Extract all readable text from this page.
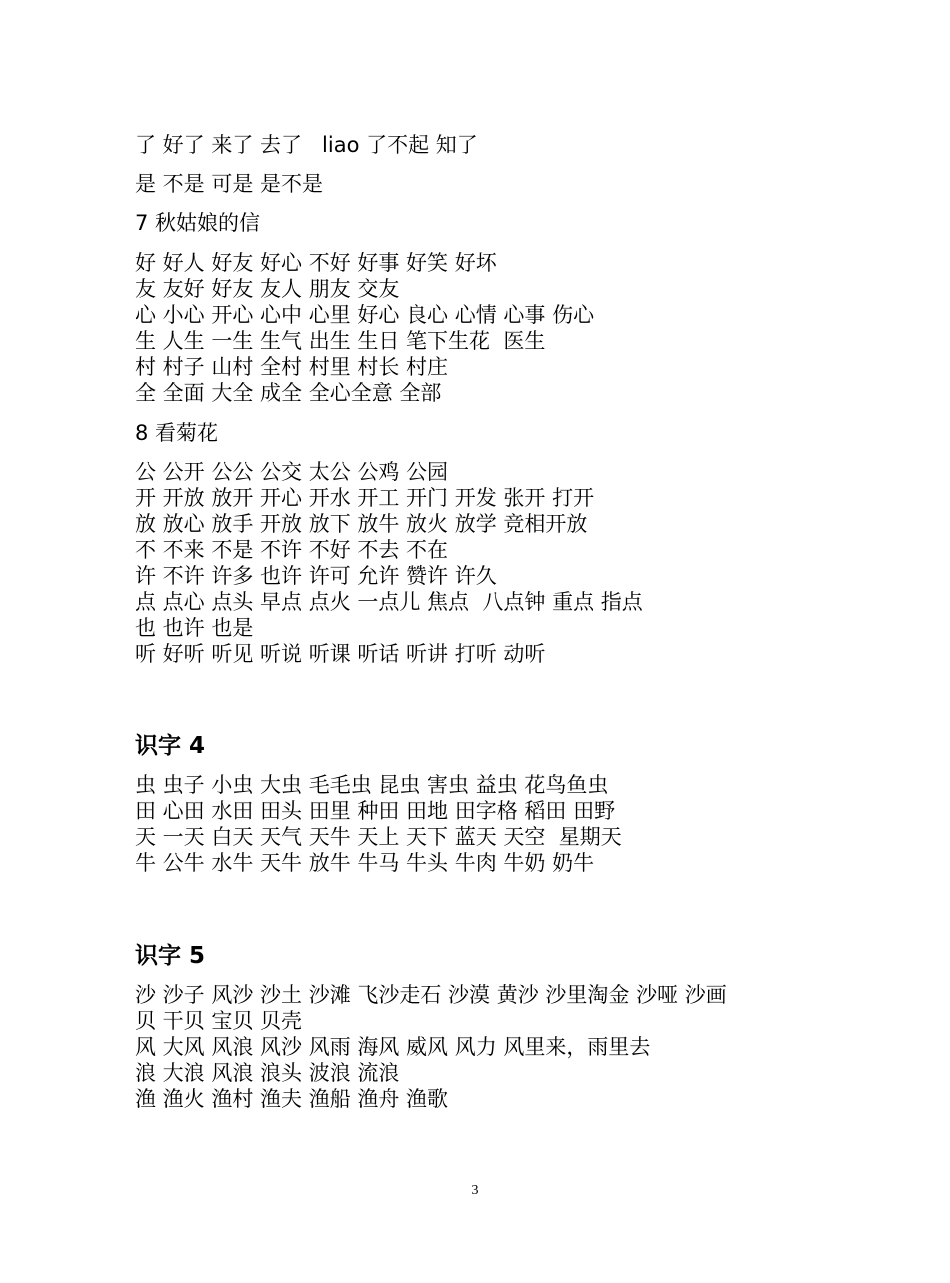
了 好了 来了 去了   liao 了不起 知了
是 不是 可是 是不是
7 秋姑娘的信
好 好人 好友 好心 不好 好事 好笑 好坏
友 友好 好友 友人 朋友 交友
心 小心 开心 心中 心里 好心 良心 心情 心事 伤心
生 人生 一生 生气 出生 生日 笔下生花  医生
村 村子 山村 全村 村里 村长 村庄
全 全面 大全 成全 全心全意 全部
8 看菊花
公 公开 公公 公交 太公 公鸡 公园
开 开放 放开 开心 开水 开工 开门 开发 张开 打开
放 放心 放手 开放 放下 放牛 放火 放学 竞相开放
不 不来 不是 不许 不好 不去 不在
许 不许 许多 也许 许可 允许 赞许 许久
点 点心 点头 早点 点火 一点儿 焦点  八点钟 重点 指点
也 也许 也是
听 好听 听见 听说 听课 听话 听讲 打听 动听
识字 4
虫 虫子 小虫 大虫 毛毛虫 昆虫 害虫 益虫 花鸟鱼虫
田 心田 水田 田头 田里 种田 田地 田字格 稻田 田野
天 一天 白天 天气 天牛 天上 天下 蓝天 天空  星期天
牛 公牛 水牛 天牛 放牛 牛马 牛头 牛肉 牛奶 奶牛
识字 5
沙 沙子 风沙 沙土 沙滩 飞沙走石 沙漠 黄沙 沙里淘金 沙哑 沙画
贝 干贝 宝贝 贝壳
风 大风 风浪 风沙 风雨 海风 威风 风力 风里来，雨里去
浪 大浪 风浪 浪头 波浪 流浪
渔 渔火 渔村 渔夫 渔船 渔舟 渔歌
3
